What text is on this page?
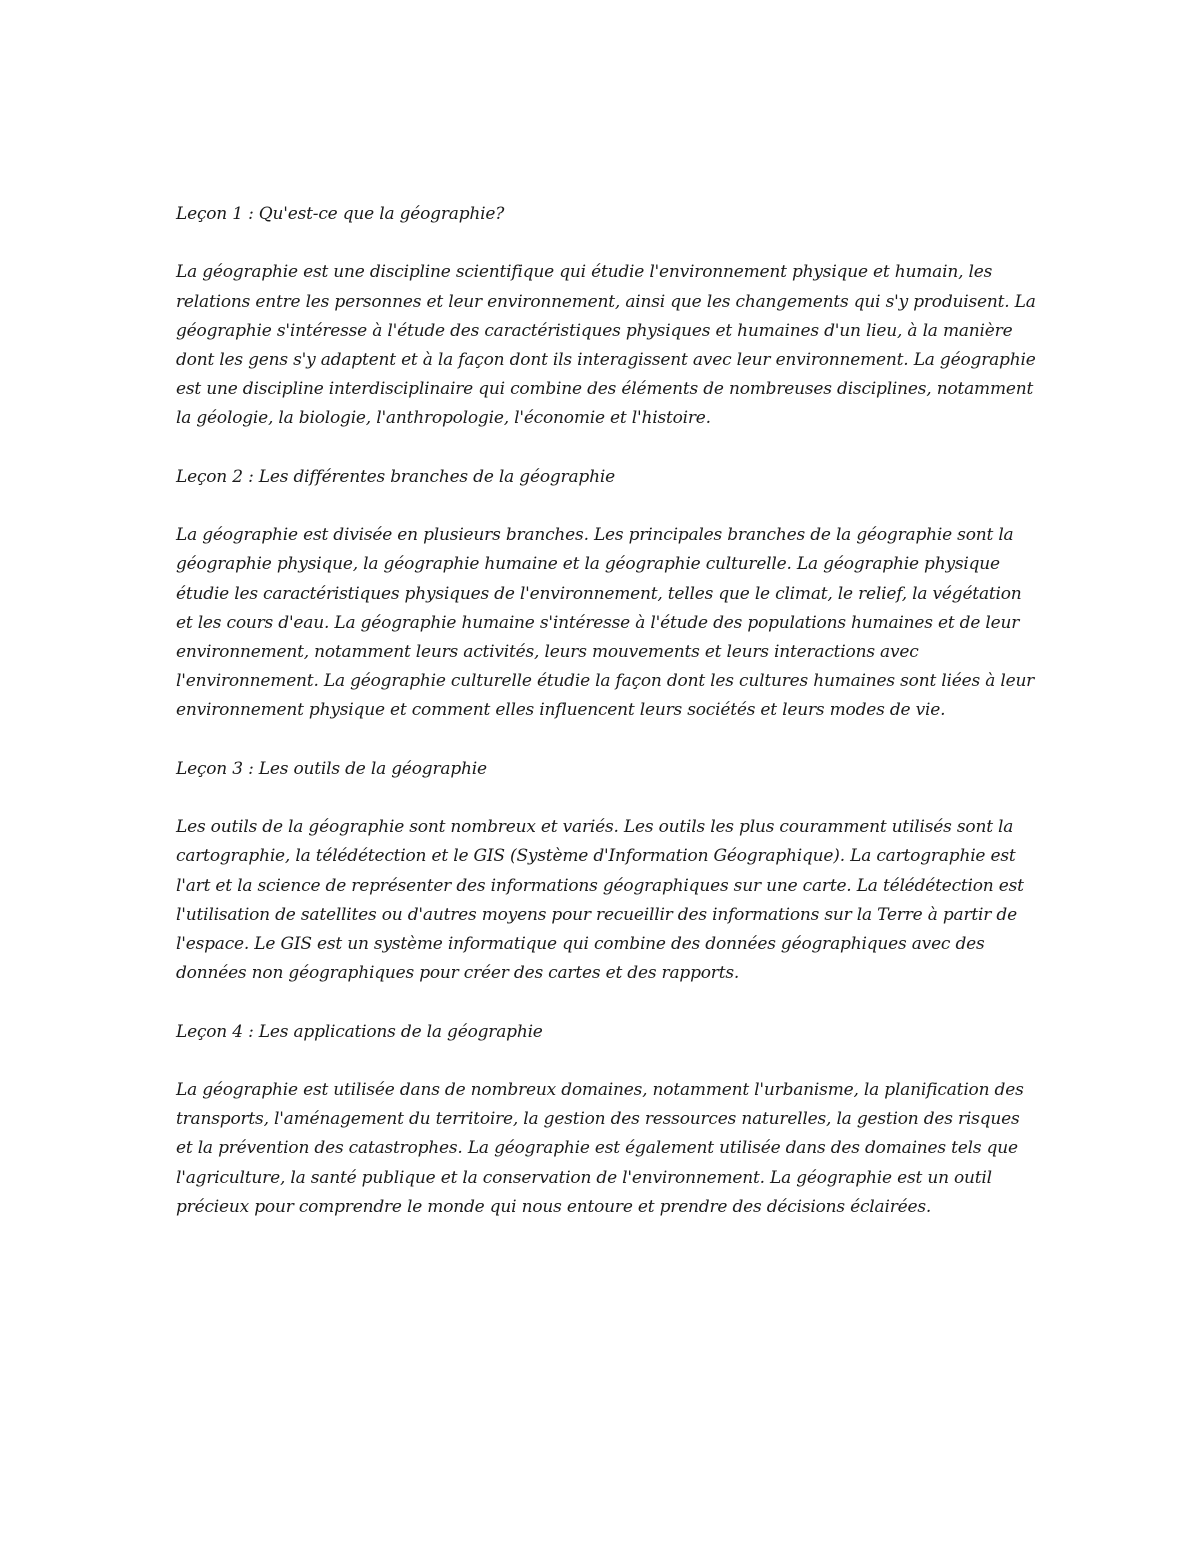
Leçon 1 : Qu'est-ce que la géographie?

La géographie est une discipline scientifique qui étudie l'environnement physique et humain, les relations entre les personnes et leur environnement, ainsi que les changements qui s'y produisent. La géographie s'intéresse à l'étude des caractéristiques physiques et humaines d'un lieu, à la manière dont les gens s'y adaptent et à la façon dont ils interagissent avec leur environnement. La géographie est une discipline interdisciplinaire qui combine des éléments de nombreuses disciplines, notamment la géologie, la biologie, l'anthropologie, l'économie et l'histoire.

Leçon 2 : Les différentes branches de la géographie

La géographie est divisée en plusieurs branches. Les principales branches de la géographie sont la géographie physique, la géographie humaine et la géographie culturelle. La géographie physique étudie les caractéristiques physiques de l'environnement, telles que le climat, le relief, la végétation et les cours d'eau. La géographie humaine s'intéresse à l'étude des populations humaines et de leur environnement, notamment leurs activités, leurs mouvements et leurs interactions avec l'environnement. La géographie culturelle étudie la façon dont les cultures humaines sont liées à leur environnement physique et comment elles influencent leurs sociétés et leurs modes de vie.

Leçon 3 : Les outils de la géographie

Les outils de la géographie sont nombreux et variés. Les outils les plus couramment utilisés sont la cartographie, la télédétection et le GIS (Système d'Information Géographique). La cartographie est l'art et la science de représenter des informations géographiques sur une carte. La télédétection est l'utilisation de satellites ou d'autres moyens pour recueillir des informations sur la Terre à partir de l'espace. Le GIS est un système informatique qui combine des données géographiques avec des données non géographiques pour créer des cartes et des rapports.

Leçon 4 : Les applications de la géographie

La géographie est utilisée dans de nombreux domaines, notamment l'urbanisme, la planification des transports, l'aménagement du territoire, la gestion des ressources naturelles, la gestion des risques et la prévention des catastrophes. La géographie est également utilisée dans des domaines tels que l'agriculture, la santé publique et la conservation de l'environnement. La géographie est un outil précieux pour comprendre le monde qui nous entoure et prendre des décisions éclairées.
